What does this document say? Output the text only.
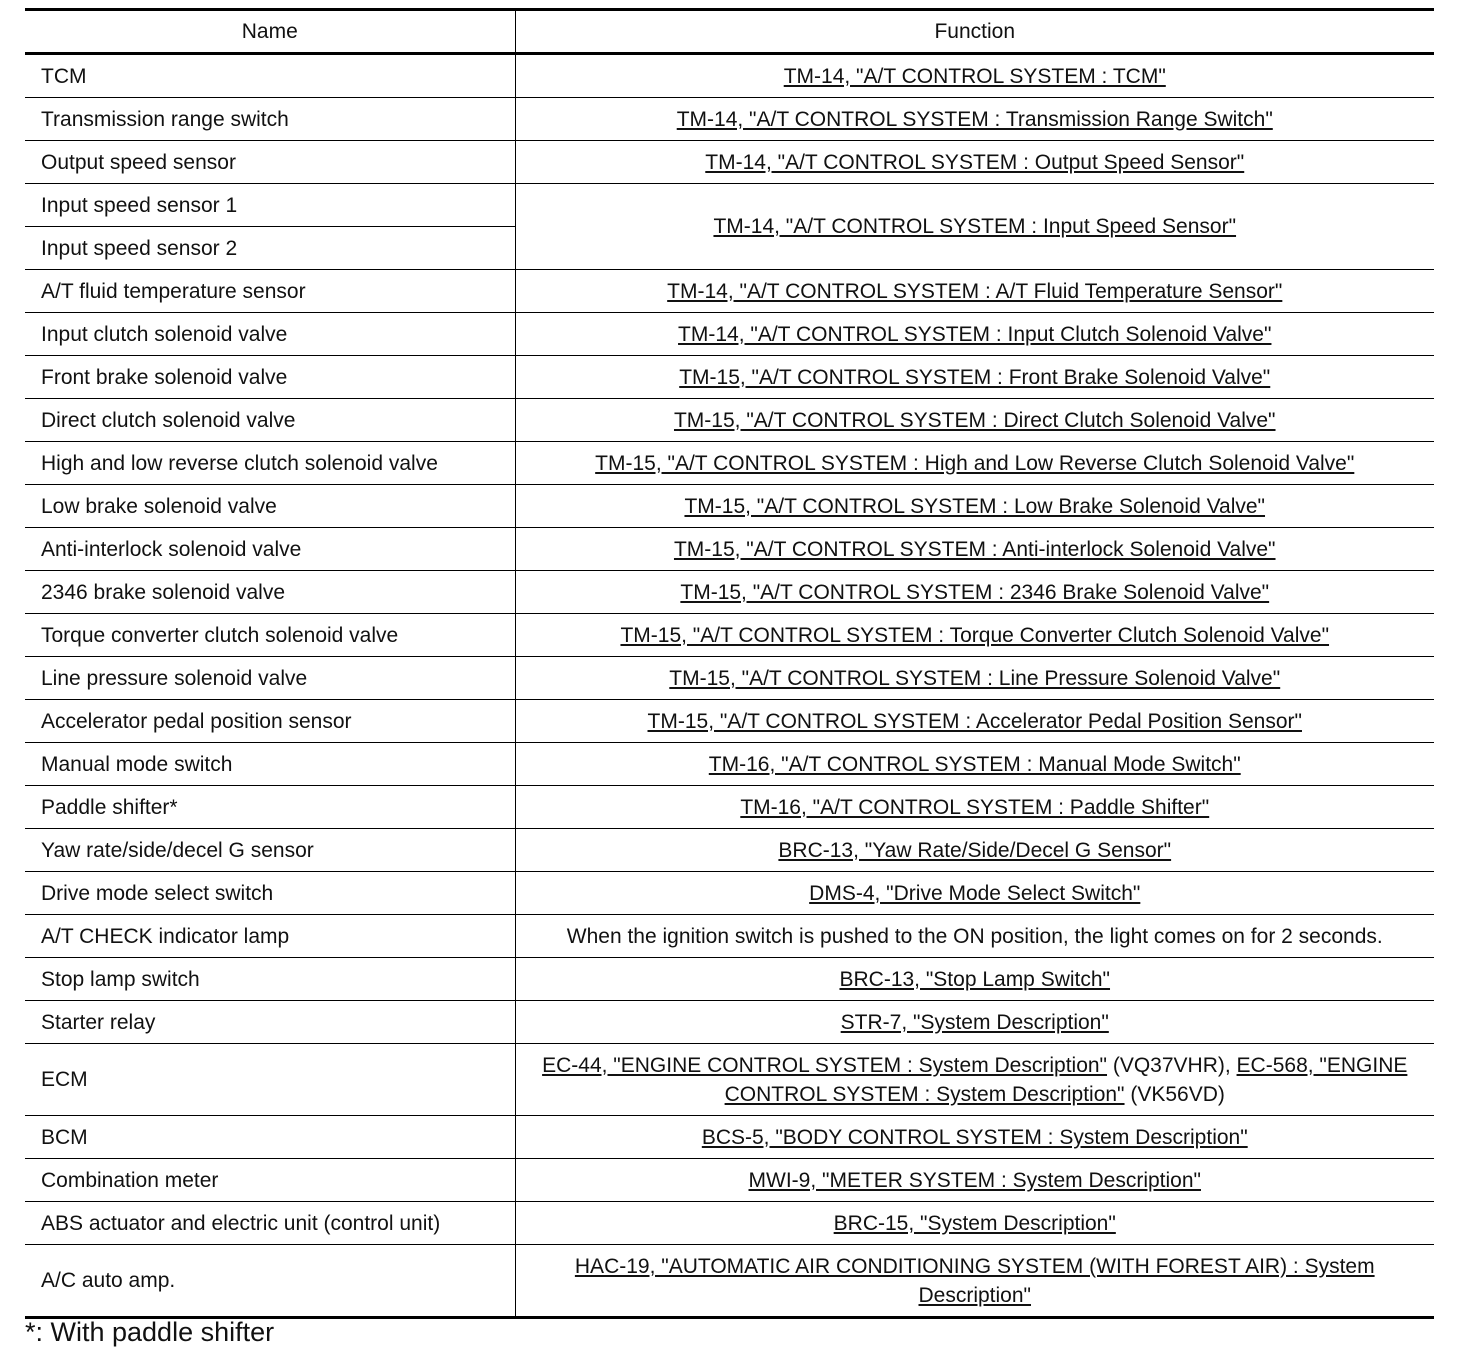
Name	Function
TCM	TM-14, "A/T CONTROL SYSTEM : TCM"
Transmission range switch	TM-14, "A/T CONTROL SYSTEM : Transmission Range Switch"
Output speed sensor	TM-14, "A/T CONTROL SYSTEM : Output Speed Sensor"
Input speed sensor 1	TM-14, "A/T CONTROL SYSTEM : Input Speed Sensor"
Input speed sensor 2	
A/T fluid temperature sensor	TM-14, "A/T CONTROL SYSTEM : A/T Fluid Temperature Sensor"
Input clutch solenoid valve	TM-14, "A/T CONTROL SYSTEM : Input Clutch Solenoid Valve"
Front brake solenoid valve	TM-15, "A/T CONTROL SYSTEM : Front Brake Solenoid Valve"
Direct clutch solenoid valve	TM-15, "A/T CONTROL SYSTEM : Direct Clutch Solenoid Valve"
High and low reverse clutch solenoid valve	TM-15, "A/T CONTROL SYSTEM : High and Low Reverse Clutch Solenoid Valve"
Low brake solenoid valve	TM-15, "A/T CONTROL SYSTEM : Low Brake Solenoid Valve"
Anti-interlock solenoid valve	TM-15, "A/T CONTROL SYSTEM : Anti-interlock Solenoid Valve"
2346 brake solenoid valve	TM-15, "A/T CONTROL SYSTEM : 2346 Brake Solenoid Valve"
Torque converter clutch solenoid valve	TM-15, "A/T CONTROL SYSTEM : Torque Converter Clutch Solenoid Valve"
Line pressure solenoid valve	TM-15, "A/T CONTROL SYSTEM : Line Pressure Solenoid Valve"
Accelerator pedal position sensor	TM-15, "A/T CONTROL SYSTEM : Accelerator Pedal Position Sensor"
Manual mode switch	TM-16, "A/T CONTROL SYSTEM : Manual Mode Switch"
Paddle shifter*	TM-16, "A/T CONTROL SYSTEM : Paddle Shifter"
Yaw rate/side/decel G sensor	BRC-13, "Yaw Rate/Side/Decel G Sensor"
Drive mode select switch	DMS-4, "Drive Mode Select Switch"
A/T CHECK indicator lamp	When the ignition switch is pushed to the ON position, the light comes on for 2 seconds.
Stop lamp switch	BRC-13, "Stop Lamp Switch"
Starter relay	STR-7, "System Description"
ECM	EC-44, "ENGINE CONTROL SYSTEM : System Description" (VQ37VHR), EC-568, "ENGINE CONTROL SYSTEM : System Description" (VK56VD)
BCM	BCS-5, "BODY CONTROL SYSTEM : System Description"
Combination meter	MWI-9, "METER SYSTEM : System Description"
ABS actuator and electric unit (control unit)	BRC-15, "System Description"
A/C auto amp.	HAC-19, "AUTOMATIC AIR CONDITIONING SYSTEM (WITH FOREST AIR) : System Description"
*: With paddle shifter
